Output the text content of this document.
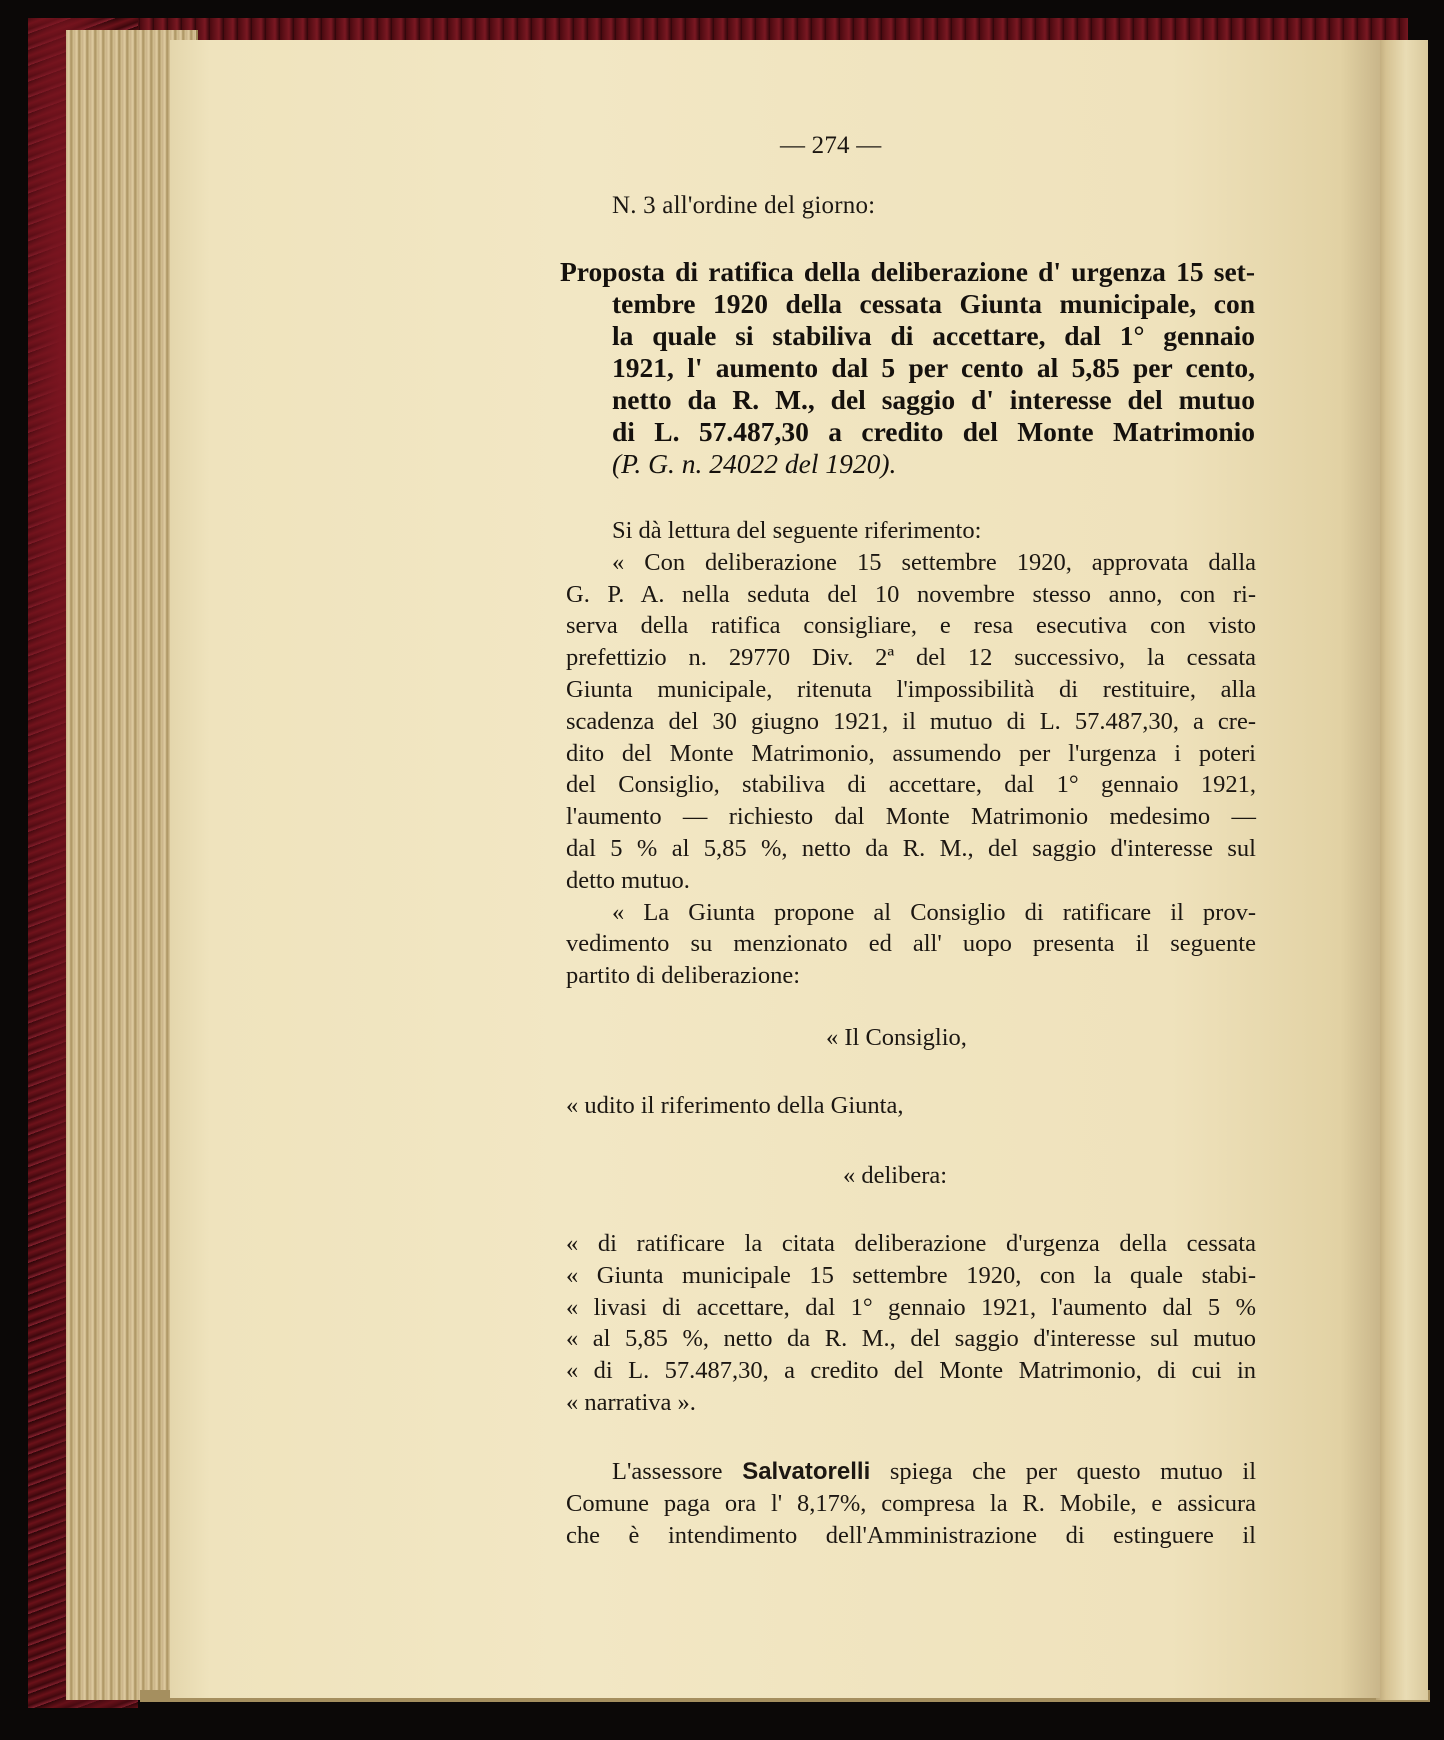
— 274 —
N. 3 all'ordine del giorno:
Proposta di ratifica della deliberazione d' urgenza 15 set-
tembre 1920 della cessata Giunta municipale, con
la quale si stabiliva di accettare, dal 1° gennaio
1921, l' aumento dal 5 per cento al 5,85 per cento,
netto da R. M., del saggio d' interesse del mutuo
di L. 57.487,30 a credito del Monte Matrimonio
(P. G. n. 24022 del 1920).
Si dà lettura del seguente riferimento:
« Con deliberazione 15 settembre 1920, approvata dalla
G. P. A. nella seduta del 10 novembre stesso anno, con ri-
serva della ratifica consigliare, e resa esecutiva con visto
prefettizio n. 29770 Div. 2ª del 12 successivo, la cessata
Giunta municipale, ritenuta l'impossibilità di restituire, alla
scadenza del 30 giugno 1921, il mutuo di L. 57.487,30, a cre-
dito del Monte Matrimonio, assumendo per l'urgenza i poteri
del Consiglio, stabiliva di accettare, dal 1° gennaio 1921,
l'aumento — richiesto dal Monte Matrimonio medesimo —
dal 5 % al 5,85 %, netto da R. M., del saggio d'interesse sul
detto mutuo.
« La Giunta propone al Consiglio di ratificare il prov-
vedimento su menzionato ed all' uopo presenta il seguente
partito di deliberazione:
« Il Consiglio,
« udito il riferimento della Giunta,
« delibera:
« di ratificare la citata deliberazione d'urgenza della cessata
« Giunta municipale 15 settembre 1920, con la quale stabi-
« livasi di accettare, dal 1° gennaio 1921, l'aumento dal 5 %
« al 5,85 %, netto da R. M., del saggio d'interesse sul mutuo
« di L. 57.487,30, a credito del Monte Matrimonio, di cui in
« narrativa ».
L'assessore Salvatorelli spiega che per questo mutuo il
Comune paga ora l' 8,17%, compresa la R. Mobile, e assicura
che è intendimento dell'Amministrazione di estinguere il
